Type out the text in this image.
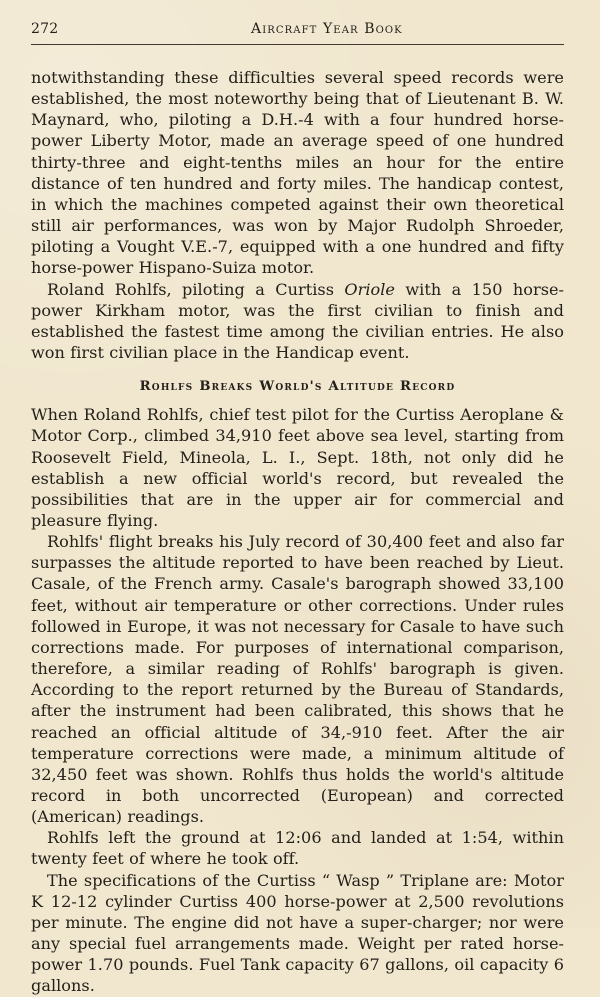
272	Aircraft Year Book

notwithstanding these difficulties several speed records were established, the most noteworthy being that of Lieutenant B. W. Maynard, who, piloting a D.H.-4 with a four hundred horse-power Liberty Motor, made an average speed of one hundred thirty-three and eight-tenths miles an hour for the entire distance of ten hundred and forty miles. The handicap contest, in which the machines competed against their own theoretical still air performances, was won by Major Rudolph Shroeder, piloting a Vought V.E.-7, equipped with a one hundred and fifty horse-power Hispano-Suiza motor.

Roland Rohlfs, piloting a Curtiss Oriole with a 150 horse-power Kirkham motor, was the first civilian to finish and established the fastest time among the civilian entries. He also won first civilian place in the Handicap event.

Rohlfs Breaks World's Altitude Record

When Roland Rohlfs, chief test pilot for the Curtiss Aeroplane & Motor Corp., climbed 34,910 feet above sea level, starting from Roosevelt Field, Mineola, L. I., Sept. 18th, not only did he establish a new official world's record, but revealed the possibilities that are in the upper air for commercial and pleasure flying.

Rohlfs' flight breaks his July record of 30,400 feet and also far surpasses the altitude reported to have been reached by Lieut. Casale, of the French army. Casale's barograph showed 33,100 feet, without air temperature or other corrections. Under rules followed in Europe, it was not necessary for Casale to have such corrections made. For purposes of international comparison, therefore, a similar reading of Rohlfs' barograph is given. According to the report returned by the Bureau of Standards, after the instrument had been calibrated, this shows that he reached an official altitude of 34,-910 feet. After the air temperature corrections were made, a minimum altitude of 32,450 feet was shown. Rohlfs thus holds the world's altitude record in both uncorrected (European) and corrected (American) readings.

Rohlfs left the ground at 12:06 and landed at 1:54, within twenty feet of where he took off.

The specifications of the Curtiss “ Wasp ” Triplane are: Motor K 12-12 cylinder Curtiss 400 horse-power at 2,500 revolutions per minute. The engine did not have a super-charger; nor were any special fuel arrangements made. Weight per rated horse-power 1.70 pounds. Fuel Tank capacity 67 gallons, oil capacity 6 gallons.
